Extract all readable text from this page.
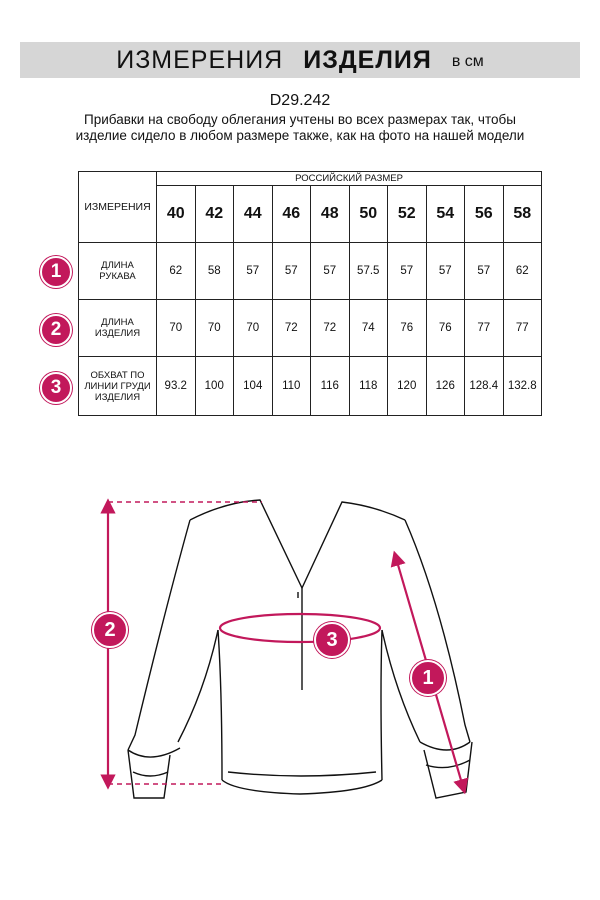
ИЗМЕРЕНИЯ ИЗДЕЛИЯ в см
D29.242
Прибавки на свободу облегания учтены во всех размерах так, чтобы изделие сидело в любом размере также, как на фото на нашей модели
1
2
3
ИЗМЕРЕНИЯ	РОССИЙСКИЙ РАЗМЕР									
	40	42	44	46	48	50	52	54	56	58
ДЛИНА РУКАВА	62	58	57	57	57	57.5	57	57	57	62
ДЛИНА ИЗДЕЛИЯ	70	70	70	72	72	74	76	76	77	77
ОБХВАТ ПО ЛИНИИ ГРУДИ ИЗДЕЛИЯ	93.2	100	104	110	116	118	120	126	128.4	132.8
2	3
1
